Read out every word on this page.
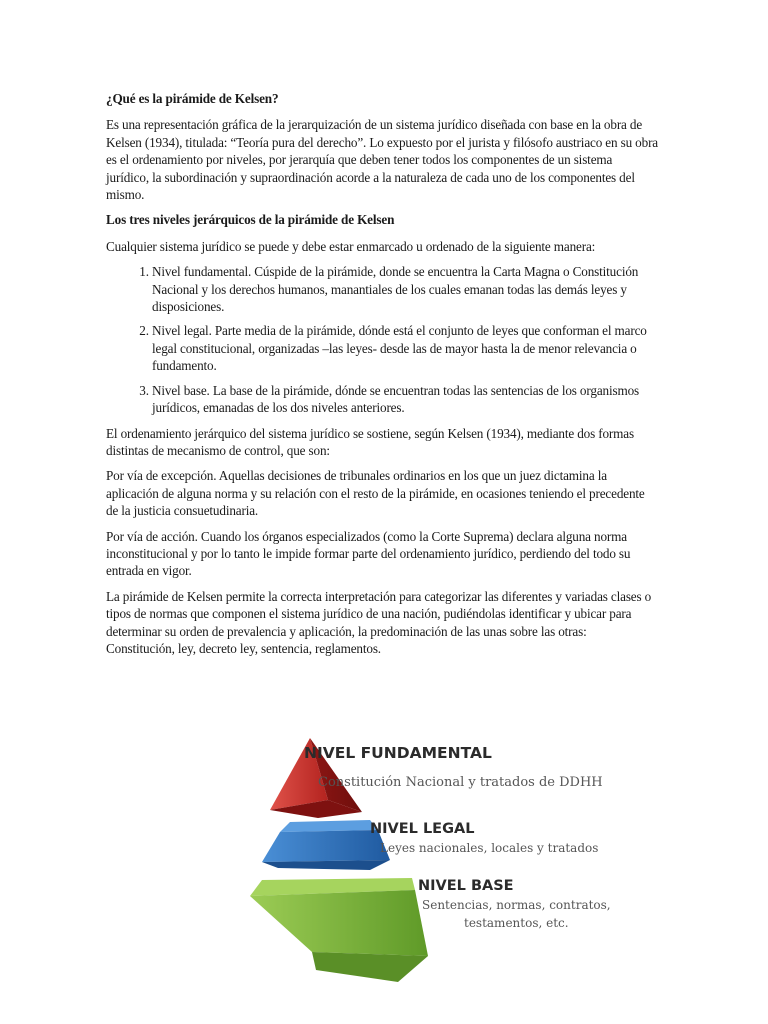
¿Qué es la pirámide de Kelsen?

Es una representación gráfica de la jerarquización de un sistema jurídico diseñada con base en la obra de Kelsen (1934), titulada: “Teoría pura del derecho”. Lo expuesto por el jurista y filósofo austriaco en su obra es el ordenamiento por niveles, por jerarquía que deben tener todos los componentes de un sistema jurídico, la subordinación y supraordinación acorde a la naturaleza de cada uno de los componentes del mismo.

Los tres niveles jerárquicos de la pirámide de Kelsen

Cualquier sistema jurídico se puede y debe estar enmarcado u ordenado de la siguiente manera:

1. Nivel fundamental. Cúspide de la pirámide, donde se encuentra la Carta Magna o Constitución Nacional y los derechos humanos, manantiales de los cuales emanan todas las demás leyes y disposiciones.
2. Nivel legal. Parte media de la pirámide, dónde está el conjunto de leyes que conforman el marco legal constitucional, organizadas –las leyes- desde las de mayor hasta la de menor relevancia o fundamento.
3. Nivel base. La base de la pirámide, dónde se encuentran todas las sentencias de los organismos jurídicos, emanadas de los dos niveles anteriores.

El ordenamiento jerárquico del sistema jurídico se sostiene, según Kelsen (1934), mediante dos formas distintas de mecanismo de control, que son:

Por vía de excepción. Aquellas decisiones de tribunales ordinarios en los que un juez dictamina la aplicación de alguna norma y su relación con el resto de la pirámide, en ocasiones teniendo el precedente de la justicia consuetudinaria.

Por vía de acción. Cuando los órganos especializados (como la Corte Suprema) declara alguna norma inconstitucional y por lo tanto le impide formar parte del ordenamiento jurídico, perdiendo del todo su entrada en vigor.

La pirámide de Kelsen permite la correcta interpretación para categorizar las diferentes y variadas clases o tipos de normas que componen el sistema jurídico de una nación, pudiéndolas identificar y ubicar para determinar su orden de prevalencia y aplicación, la predominación de las unas sobre las otras: Constitución, ley, decreto ley, sentencia, reglamentos.

NIVEL FUNDAMENTAL
Constitución Nacional y tratados de DDHH
NIVEL LEGAL
Leyes nacionales, locales y tratados
NIVEL BASE
Sentencias, normas, contratos,
testamentos, etc.
